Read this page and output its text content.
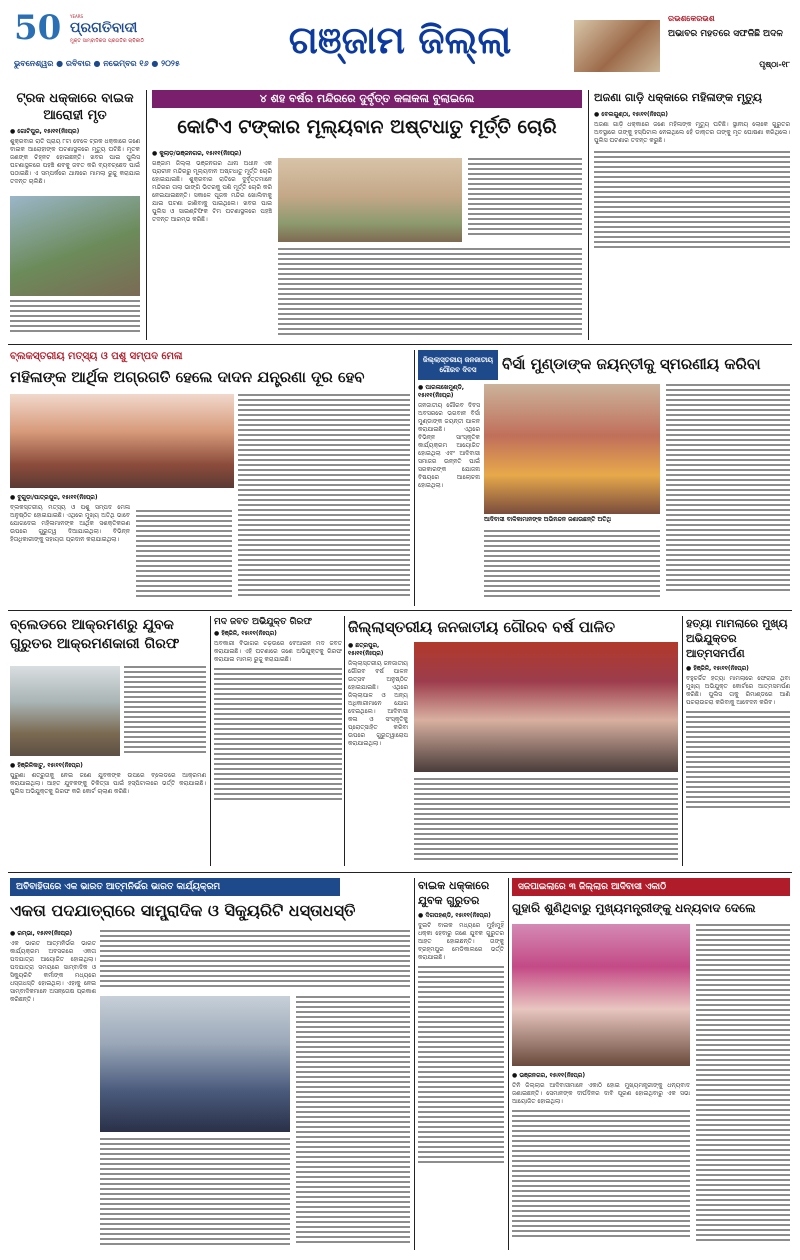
50 YEARS
ପ୍ରଗତିବାଦୀ
ମୁକ୍ତ ସାମ୍ବାଦିକତା ପ୍ରଗତିର ଚାବିକାଠି
ଭୁବନେଶ୍ୱର ● ରବିବାର ● ନଭେମ୍ବର ୧୬ ● ୨୦୨୫
ଗଞ୍ଜାମ ଜିଲ୍ଲା	ରଭଶକେରଭଶ
ଅଭାବର ମହତରେ ସଫଳିଛି ଅଦଳ
ପୃଷ୍ଠା-୧୮
ଟ୍ରକ ଧକ୍କାରେ ବାଇକ ଆରୋହୀ ମୃତ
● ଗୋଟିପୁର, ୧୫ା୧୧(ନିଃପ୍ର)
ଶୁକ୍ରବାର ରାତି ପ୍ରାୟ ୮ଟା ବେଳେ ଟ୍ରକ ଧକ୍କାରେ ଜଣେ ବାଇକ ଆରୋହୀଙ୍କ ଘଟଣାସ୍ଥଳରେ ମୃତ୍ୟୁ ଘଟିଛି। ମୃତକ ଜଣଙ୍କ ଚିହ୍ନଟ ହୋଇଛନ୍ତି। ଖବର ପାଇ ପୁଲିସ ଘଟଣାସ୍ଥଳରେ ପହଞ୍ଚି ଶବକୁ ଜବତ କରି ବ୍ୟବଚ୍ଛେଦ ପାଇଁ ପଠାଇଛି। ଏ ସମ୍ପର୍କରେ ଥାନାରେ ମାମଲା ରୁଜୁ କରାଯାଇ ତଦନ୍ତ ଚାଲିଛି।
୪ ଶହ ବର୍ଷର ମନ୍ଦିରରେ ଦୁର୍ବୃତ୍ତ କଳାକଳା ବୁଲାଇଲେ
କୋଟିଏ ଟଙ୍କାର ମୂଲ୍ୟବାନ ଅଷ୍ଟଧାତୁ ମୂର୍ତ୍ତି ଚୋରି
● କୁଲାଡ଼/ଭଞ୍ଜନଗର, ୧୫ା୧୧(ନିଃପ୍ର)
ଗଞ୍ଜାମ ଜିଲ୍ଲା ଭଞ୍ଜନଗର ଥାନା ଅଧୀନ ଏକ ପ୍ରାଚୀନ ମନ୍ଦିରରୁ ମୂଲ୍ୟବାନ ଅଷ୍ଟଧାତୁ ମୂର୍ତ୍ତି ଚୋରି ହୋଇଯାଇଛି। ଶୁକ୍ରବାର ରାତିରେ ଦୁର୍ବୃତ୍ତମାନେ ମନ୍ଦିରର ତାଲା ଭାଙ୍ଗି ଭିତରକୁ ପଶି ମୂର୍ତ୍ତି ଚୋରି କରି ନେଇଯାଇଛନ୍ତି। ସକାଳେ ପୂଜକ ମନ୍ଦିର ଖୋଲିବାକୁ ଯାଇ ଘଟଣା ଜାଣିବାକୁ ପାଇଥିଲେ। ଖବର ପାଇ ପୁଲିସ ଓ ସାଇଣ୍ଟିଫିକ ଟିମ ଘଟଣାସ୍ଥଳରେ ପହଞ୍ଚି ତଦନ୍ତ ଆରମ୍ଭ କରିଛି।
ଅଜଣା ଗାଡ଼ି ଧକ୍କାରେ ମହିଳାଙ୍କ ମୃତ୍ୟୁ
● ବେଲଗୁଣ୍ଠା, ୧୫ା୧୧(ନିଃପ୍ର)
ଅଜଣା ଗାଡ଼ି ଧକ୍କାରେ ଜଣେ ମହିଳାଙ୍କ ମୃତ୍ୟୁ ଘଟିଛି। ସ୍ଥାନୀୟ ଲୋକେ ଗୁରୁତର ଅବସ୍ଥାରେ ତାଙ୍କୁ ହସ୍ପିଟାଲ ନେଇଥିଲେ ହେଁ ଡାକ୍ତର ତାଙ୍କୁ ମୃତ ଘୋଷଣା କରିଥିଲେ। ପୁଲିସ ଘଟଣାର ତଦନ୍ତ କରୁଛି।
ବ୍ଲକସ୍ତରୀୟ ମତ୍ସ୍ୟ ଓ ପଶୁ ସମ୍ପଦ ମେଳା
ମହିଳାଙ୍କ ଆର୍ଥିକ ଅଗ୍ରଗତି ହେଲେ ଦାଦନ ଯନ୍ତ୍ରଣା ଦୂର ହେବ
● ବୁଗୁଡ଼ା/ପାତ୍ରପୁର, ୧୫ା୧୧(ନିଃପ୍ର)
ବ୍ଲକସ୍ତରୀୟ ମତ୍ସ୍ୟ ଓ ପଶୁ ସମ୍ପଦ ମେଳା ଅନୁଷ୍ଠିତ ହୋଇଯାଇଛି। ଏଥିରେ ମୁଖ୍ୟ ଅତିଥି ଭାବେ ଯୋଗଦେଇ ମହିଳାମାନଙ୍କ ଆର୍ଥିକ ସଶକ୍ତିକରଣ ଉପରେ ଗୁରୁତ୍ୱ ଦିଆଯାଇଥିଲା। ବିଭିନ୍ନ ହିତାଧିକାରୀଙ୍କୁ ସହାୟତା ପ୍ରଦାନ କରାଯାଇଥିଲା।
ଜିଲ୍ଲାସ୍ତରୀୟ ଜନଜାତୀୟ ଗୌରବ ଦିବସ	ବିର୍ସା ମୁଣ୍ଡାଙ୍କ ଜୟନ୍ତୀକୁ ସ୍ମରଣୀୟ କରିବା
● ପାରଳାଖେମୁଣ୍ଡି, ୧୫ା୧୧(ନିଃପ୍ର)
ଜନଜାତୀୟ ଗୌରବ ଦିବସ ଅବସରରେ ଭଗବାନ ବିର୍ସା ମୁଣ୍ଡାଙ୍କ ଜୟନ୍ତୀ ପାଳନ କରାଯାଇଛି। ଏଥିରେ ବିଭିନ୍ନ ସାଂସ୍କୃତିକ କାର୍ଯ୍ୟକ୍ରମ ଆୟୋଜିତ ହୋଇଥିଲା ଏବଂ ଆଦିବାସୀ ସମାଜର ଉନ୍ନତି ପାଇଁ ସରକାରଙ୍କ ଯୋଜନା ବିଷୟରେ ଆଲୋଚନା ହୋଇଥିଲା।
ଆଦିବାସୀ ବାଳିକାମାନଙ୍କ ଅଭିନନ୍ଦନ ଜଣାଉଛନ୍ତି ଅତିଥି
ବ୍ଲେଡରେ ଆକ୍ରମଣରୁ ଯୁବକ ଗୁରୁତର ଆକ୍ରମଣକାରୀ ଗିରଫ
● ହିଞ୍ଜିଳିକାଟୁ, ୧୫ା୧୧(ନିଃପ୍ର)
ପୁରୁଣା ଶତ୍ରୁତାକୁ ନେଇ ଜଣେ ଯୁବକଙ୍କ ଉପରେ ବ୍ଲେଡରେ ଆକ୍ରମଣ କରାଯାଇଥିଲା। ଆହତ ଯୁବକଙ୍କୁ ଚିକିତ୍ସା ପାଇଁ ହସ୍ପିଟାଲରେ ଭର୍ତ୍ତି କରାଯାଇଛି। ପୁଲିସ ଅଭିଯୁକ୍ତକୁ ଗିରଫ କରି କୋର୍ଟ ଚାଲାଣ କରିଛି।
ମଦ ଜବତ ଅଭିଯୁକ୍ତ ଗିରଫ
● ହିଞ୍ଜିଳି, ୧୫ା୧୧(ନିଃପ୍ର)
ଅବକାରୀ ବିଭାଗର ଚଢ଼ଉରେ ବେଆଇନ ମଦ ଜବତ କରାଯାଇଛି। ଏହି ଘଟଣାରେ ଜଣେ ଅଭିଯୁକ୍ତକୁ ଗିରଫ କରାଯାଇ ମାମଲା ରୁଜୁ କରାଯାଇଛି।
ଜିଲ୍ଲାସ୍ତରୀୟ ଜନଜାତୀୟ ଗୌରବ ବର୍ଷ ପାଳିତ
● ଛତ୍ରପୁର, ୧୫ା୧୧(ନିଃପ୍ର)
ଜିଲ୍ଲାସ୍ତରୀୟ ଜନଜାତୀୟ ଗୌରବ ବର୍ଷ ପାଳନ ଉତ୍ସବ ଅନୁଷ୍ଠିତ ହୋଇଯାଇଛି। ଏଥିରେ ଜିଲ୍ଲାପାଳ ଓ ଅନ୍ୟ ଅଧିକାରୀମାନେ ଯୋଗ ଦେଇଥିଲେ। ଆଦିବାସୀ କଳା ଓ ସଂସ୍କୃତିକୁ ପ୍ରୋତ୍ସାହିତ କରିବା ଉପରେ ଗୁରୁତ୍ୱାରୋପ କରାଯାଇଥିଲା।
ହତ୍ୟା ମାମଲାରେ ମୁଖ୍ୟ ଅଭିଯୁକ୍ତର ଆତ୍ମସମର୍ପଣ
● ହିଞ୍ଜିଳି, ୧୫ା୧୧(ନିଃପ୍ର)
ବହୁଚର୍ଚ୍ଚିତ ହତ୍ୟା ମାମଲାରେ ଫେରାର ଥିବା ମୁଖ୍ୟ ଅଭିଯୁକ୍ତ କୋର୍ଟରେ ଆତ୍ମସମର୍ପଣ କରିଛି। ପୁଲିସ ତାକୁ ରିମାଣ୍ଡରେ ଆଣି ପଚରାଉଚରା କରିବାକୁ ଆବେଦନ କରିବ।
ଅବିବାହିତାରେ ଏକ ଭାରତ ଆତ୍ମନିର୍ଭର ଭାରତ କାର୍ଯ୍ୟକ୍ରମ
ଏକତା ପଦଯାତ୍ରାରେ ସାମ୍ପ୍ରାଦିକ ଓ ସିକ୍ୟୁରିଟି ଧସ୍ତାଧସ୍ତି
● ରମ୍ଭା, ୧୫ା୧୧(ନିଃପ୍ର)
ଏକ ଭାରତ ଆତ୍ମନିର୍ଭର ଭାରତ କାର୍ଯ୍ୟକ୍ରମ ଅବସରରେ ଏକତା ପଦଯାତ୍ରା ଆୟୋଜିତ ହୋଇଥିଲା। ପଦଯାତ୍ରା ସମୟରେ ସାମ୍ବାଦିକ ଓ ସିକ୍ୟୁରିଟି କର୍ମୀଙ୍କ ମଧ୍ୟରେ ଧସ୍ତାଧସ୍ତି ହୋଇଥିଲା। ଏହାକୁ ନେଇ ସାମ୍ବାଦିକମାନେ ଅସନ୍ତୋଷ ପ୍ରକାଶ କରିଛନ୍ତି।
ବାଇକ ଧକ୍କାରେ ଯୁବକ ଗୁରୁତର
● ଦିଗପହଣ୍ଡି, ୧୫ା୧୧(ନିଃପ୍ର)
ଦୁଇଟି ବାଇକ ମଧ୍ୟରେ ମୁହାଁମୁହିଁ ଧକ୍କା ହେବାରୁ ଜଣେ ଯୁବକ ଗୁରୁତର ଆହତ ହୋଇଛନ୍ତି। ତାଙ୍କୁ ବ୍ରହ୍ମପୁର ମେଡିକାଲରେ ଭର୍ତ୍ତି କରାଯାଇଛି।
ସଜପାଇଲାରେ ୩ ଜିଲ୍ଲାର ଆଦିବାସୀ ଏକାଠି
ଗୁହାରି ଶୁଣିଥିବାରୁ ମୁଖ୍ୟମନ୍ତ୍ରୀଙ୍କୁ ଧନ୍ୟବାଦ ଦେଲେ
● ଭଞ୍ଜନଗର, ୧୫ା୧୧(ନିଃପ୍ର)
ତିନି ଜିଲ୍ଲାର ଆଦିବାସୀମାନେ ଏକାଠି ହୋଇ ମୁଖ୍ୟମନ୍ତ୍ରୀଙ୍କୁ ଧନ୍ୟବାଦ ଜଣାଇଛନ୍ତି। ସେମାନଙ୍କ ଦୀର୍ଘଦିନର ଦାବି ପୂରଣ ହୋଇଥିବାରୁ ଏକ ସଭା ଆୟୋଜିତ ହୋଇଥିଲା।
